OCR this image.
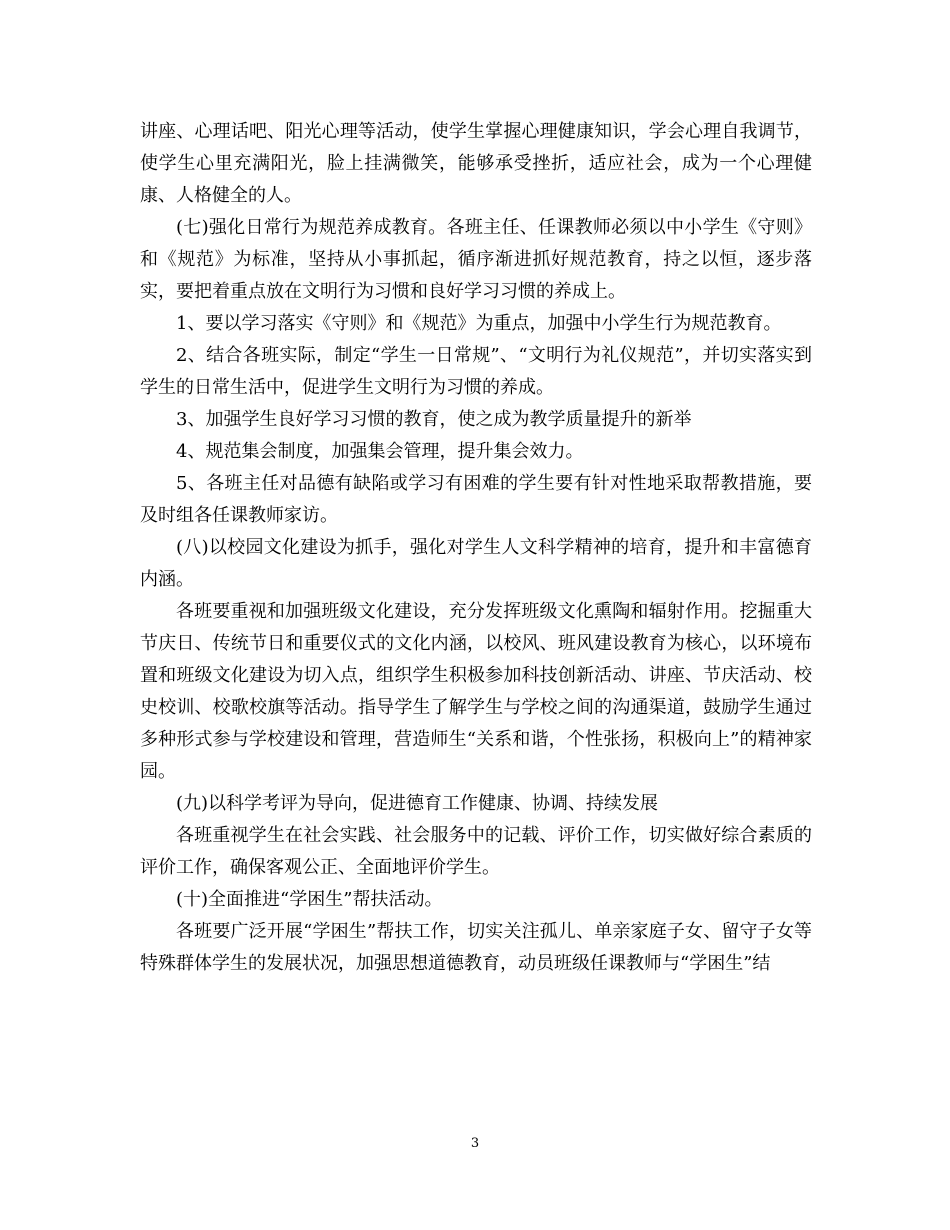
讲座、心理话吧、阳光心理等活动，使学生掌握心理健康知识，学会心理自我调节，使学生心里充满阳光，脸上挂满微笑，能够承受挫折，适应社会，成为一个心理健康、人格健全的人。

(七)强化日常行为规范养成教育。各班主任、任课教师必须以中小学生《守则》和《规范》为标准，坚持从小事抓起，循序渐进抓好规范教育，持之以恒，逐步落实，要把着重点放在文明行为习惯和良好学习习惯的养成上。

1、要以学习落实《守则》和《规范》为重点，加强中小学生行为规范教育。

2、结合各班实际，制定“学生一日常规”、“文明行为礼仪规范”，并切实落实到学生的日常生活中，促进学生文明行为习惯的养成。

3、加强学生良好学习习惯的教育，使之成为教学质量提升的新举

4、规范集会制度，加强集会管理，提升集会效力。

5、各班主任对品德有缺陷或学习有困难的学生要有针对性地采取帮教措施，要及时组各任课教师家访。

(八)以校园文化建设为抓手，强化对学生人文科学精神的培育，提升和丰富德育内涵。

各班要重视和加强班级文化建设，充分发挥班级文化熏陶和辐射作用。挖掘重大节庆日、传统节日和重要仪式的文化内涵，以校风、班风建设教育为核心，以环境布置和班级文化建设为切入点，组织学生积极参加科技创新活动、讲座、节庆活动、校史校训、校歌校旗等活动。指导学生了解学生与学校之间的沟通渠道，鼓励学生通过多种形式参与学校建设和管理，营造师生“关系和谐，个性张扬，积极向上”的精神家园。

(九)以科学考评为导向，促进德育工作健康、协调、持续发展

各班重视学生在社会实践、社会服务中的记载、评价工作，切实做好综合素质的评价工作，确保客观公正、全面地评价学生。

(十)全面推进“学困生”帮扶活动。

各班要广泛开展“学困生”帮扶工作，切实关注孤儿、单亲家庭子女、留守子女等特殊群体学生的发展状况，加强思想道德教育，动员班级任课教师与“学困生”结

3
